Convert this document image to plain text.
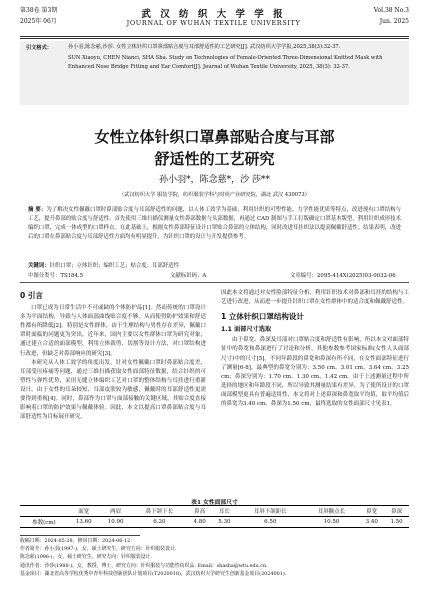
第38卷 第3期
2025年 06月
武 汉 纺 织 大 学 学 报
JOURNAL OF WUHAN TEXTILE UNIVERSITY
Vol.38 No.3
Jun. 2025
引文格式：	孙小羽,陈念慈,沙莎. 女性立体针织口罩鼻部贴合度与耳部舒适性的工艺研究[J]. 武汉纺织大学学报,2025,38(3):32-37.
SUN Xiaoyu, CHEN Nianci, SHA Sha. Study on Technologies of Female-Oriented Three-Dimensional Knitted Mask with Enhanced Nose Bridge Fitting and Ear Comfort[J]. Journal of Wuhan Textile University, 2025, 38(3): 32-37.
女性立体针织口罩鼻部贴合度与耳部
舒适性的工艺研究
孙小羽*，陈念慈*，沙 莎**
（武汉纺织大学 服装学院，纺织服装学科与时尚产业研究院，湖北 武汉 430073）
摘 要：为了解决女性佩戴口罩时鼻部贴合度与耳部舒适性的问题，以人体工效学为基础，利用针织的可塑性能、力学性能优质等特点，改进现有口罩结构与工艺，提升鼻部的贴合度与舒适性。首先使用三维扫描仪测量女性鼻部数据与头部数据，再通过 CAD 制图与手工打版确定口罩基本版型，利用针织成形技术编织口罩，完成一体成型的口罩样衣。在此基础上，根据女性鼻部特征设计口罩贴合鼻部的立体结构，同时改进耳挂织法以提高佩戴舒适性。结果表明，改进后的口罩在鼻部贴合度与耳部舒适性方面均有明显提升，为针织口罩的设计与开发提供参考。
关键词：针织口罩；立体针织；编织工艺；贴合度；耳部舒适性
中图分类号：TS184.5	文献标识码：A	文章编号：2095-414X(2025)03-0032-06
0 引言
口罩已成为日常生活中不可或缺的个体防护品[1]。然而传统的口罩设计多为平面结构，导致与人体面部曲线贴合度不够。从而使得防护效果和舒适性都有所降低[2]。特别是女性群体，由于生理结构与男性存在差异，佩戴口罩时面临的问题更为突出。近年来，国内主要以女性群体口罩为研究对象，通过建立合适的面部模型，利用立体裁剪、切割等设计方法，对口罩结构进行改进，但缺乏对鼻部响应的研究[3]。
本研究从人体工效学的角度出发，针对女性佩戴口罩时鼻部贴合度差、耳部受压疼痛等问题，通过三维扫描获取女性面部特征数据，结合针织的可塑性与弹性优势，采用无缝立体编织工艺对口罩的整体结构与耳挂进行重新设计。由于女性的耳朵较短、耳部皮肤较为敏感，佩戴时的耳部舒适性更需要得到重视[4]。同时，鼻部作为口罩与面部接触的关键区域，其贴合度直接影响着口罩的防护效果与佩戴体验。因此，本文以提高口罩鼻部贴合度与耳部舒适性为目标展开研究。
因此本文将通过对女性脸部特征分析，利用针织技术对鼻部和耳挂的结构与工艺进行改进，从而进一步提升针织口罩在女性群体中的适合度和佩戴舒适性。
1 立体针织口罩结构设计
1.1 面部尺寸选取
由于鼻宽、鼻深及耳部对口罩贴合度和舒适性有影响，所以本文对面部特征中的鼻宽和鼻深进行了讨论和分析，其他参数参考国家标准(女性人头面部尺寸)中的尺寸[5]。不同年龄段的鼻宽和鼻深有所不同，在女性面部特征进行了测量[6-8]，最典型的鼻宽分别为：3.50 cm、3.01 cm、3.64 cm、3.25 cm；鼻深分别为：1.70 cm、1.30 cm、1.42 cm。由于上述测量过程中所选择的地区和年龄段不同，所以导致其测量结果有差异。为了使所设计的口罩面部模型更具有普遍适用性，本文将对上述鼻深和鼻宽取平均值，取平均值后的鼻宽为3.40 cm，鼻深为1.50 cm，最终选取的女性面部尺寸见表1。
表1 女性面部尺寸
	面宽	两眉	鼻下颌下长	鼻高	耳长	耳屏下颌距长	耳屏颧点长	鼻宽	鼻深
参数(cm)	13.60	10.90	6.20	4.80	5.30	6.50	10.50	3.40	1.50
收稿日期：2024-05-28，修回日期：2024-06-12.
作者简介：孙小羽(1997-)，女，硕士研究生，研究方向：针织服装设计.
陈念慈(1996-)，女，硕士研究生，研究方向：针织服装设计.
通讯作者：沙莎(1988-)，女，教授，博士，研究方向：针织服装与功能性纺织品. Email：shasha@wtu.edu.cn.
基金项目：湖北省高等学校优秀中青年科技创新团队计划项目(T2020018)，武汉纺织大学研究生创新基金项目(2024001).
